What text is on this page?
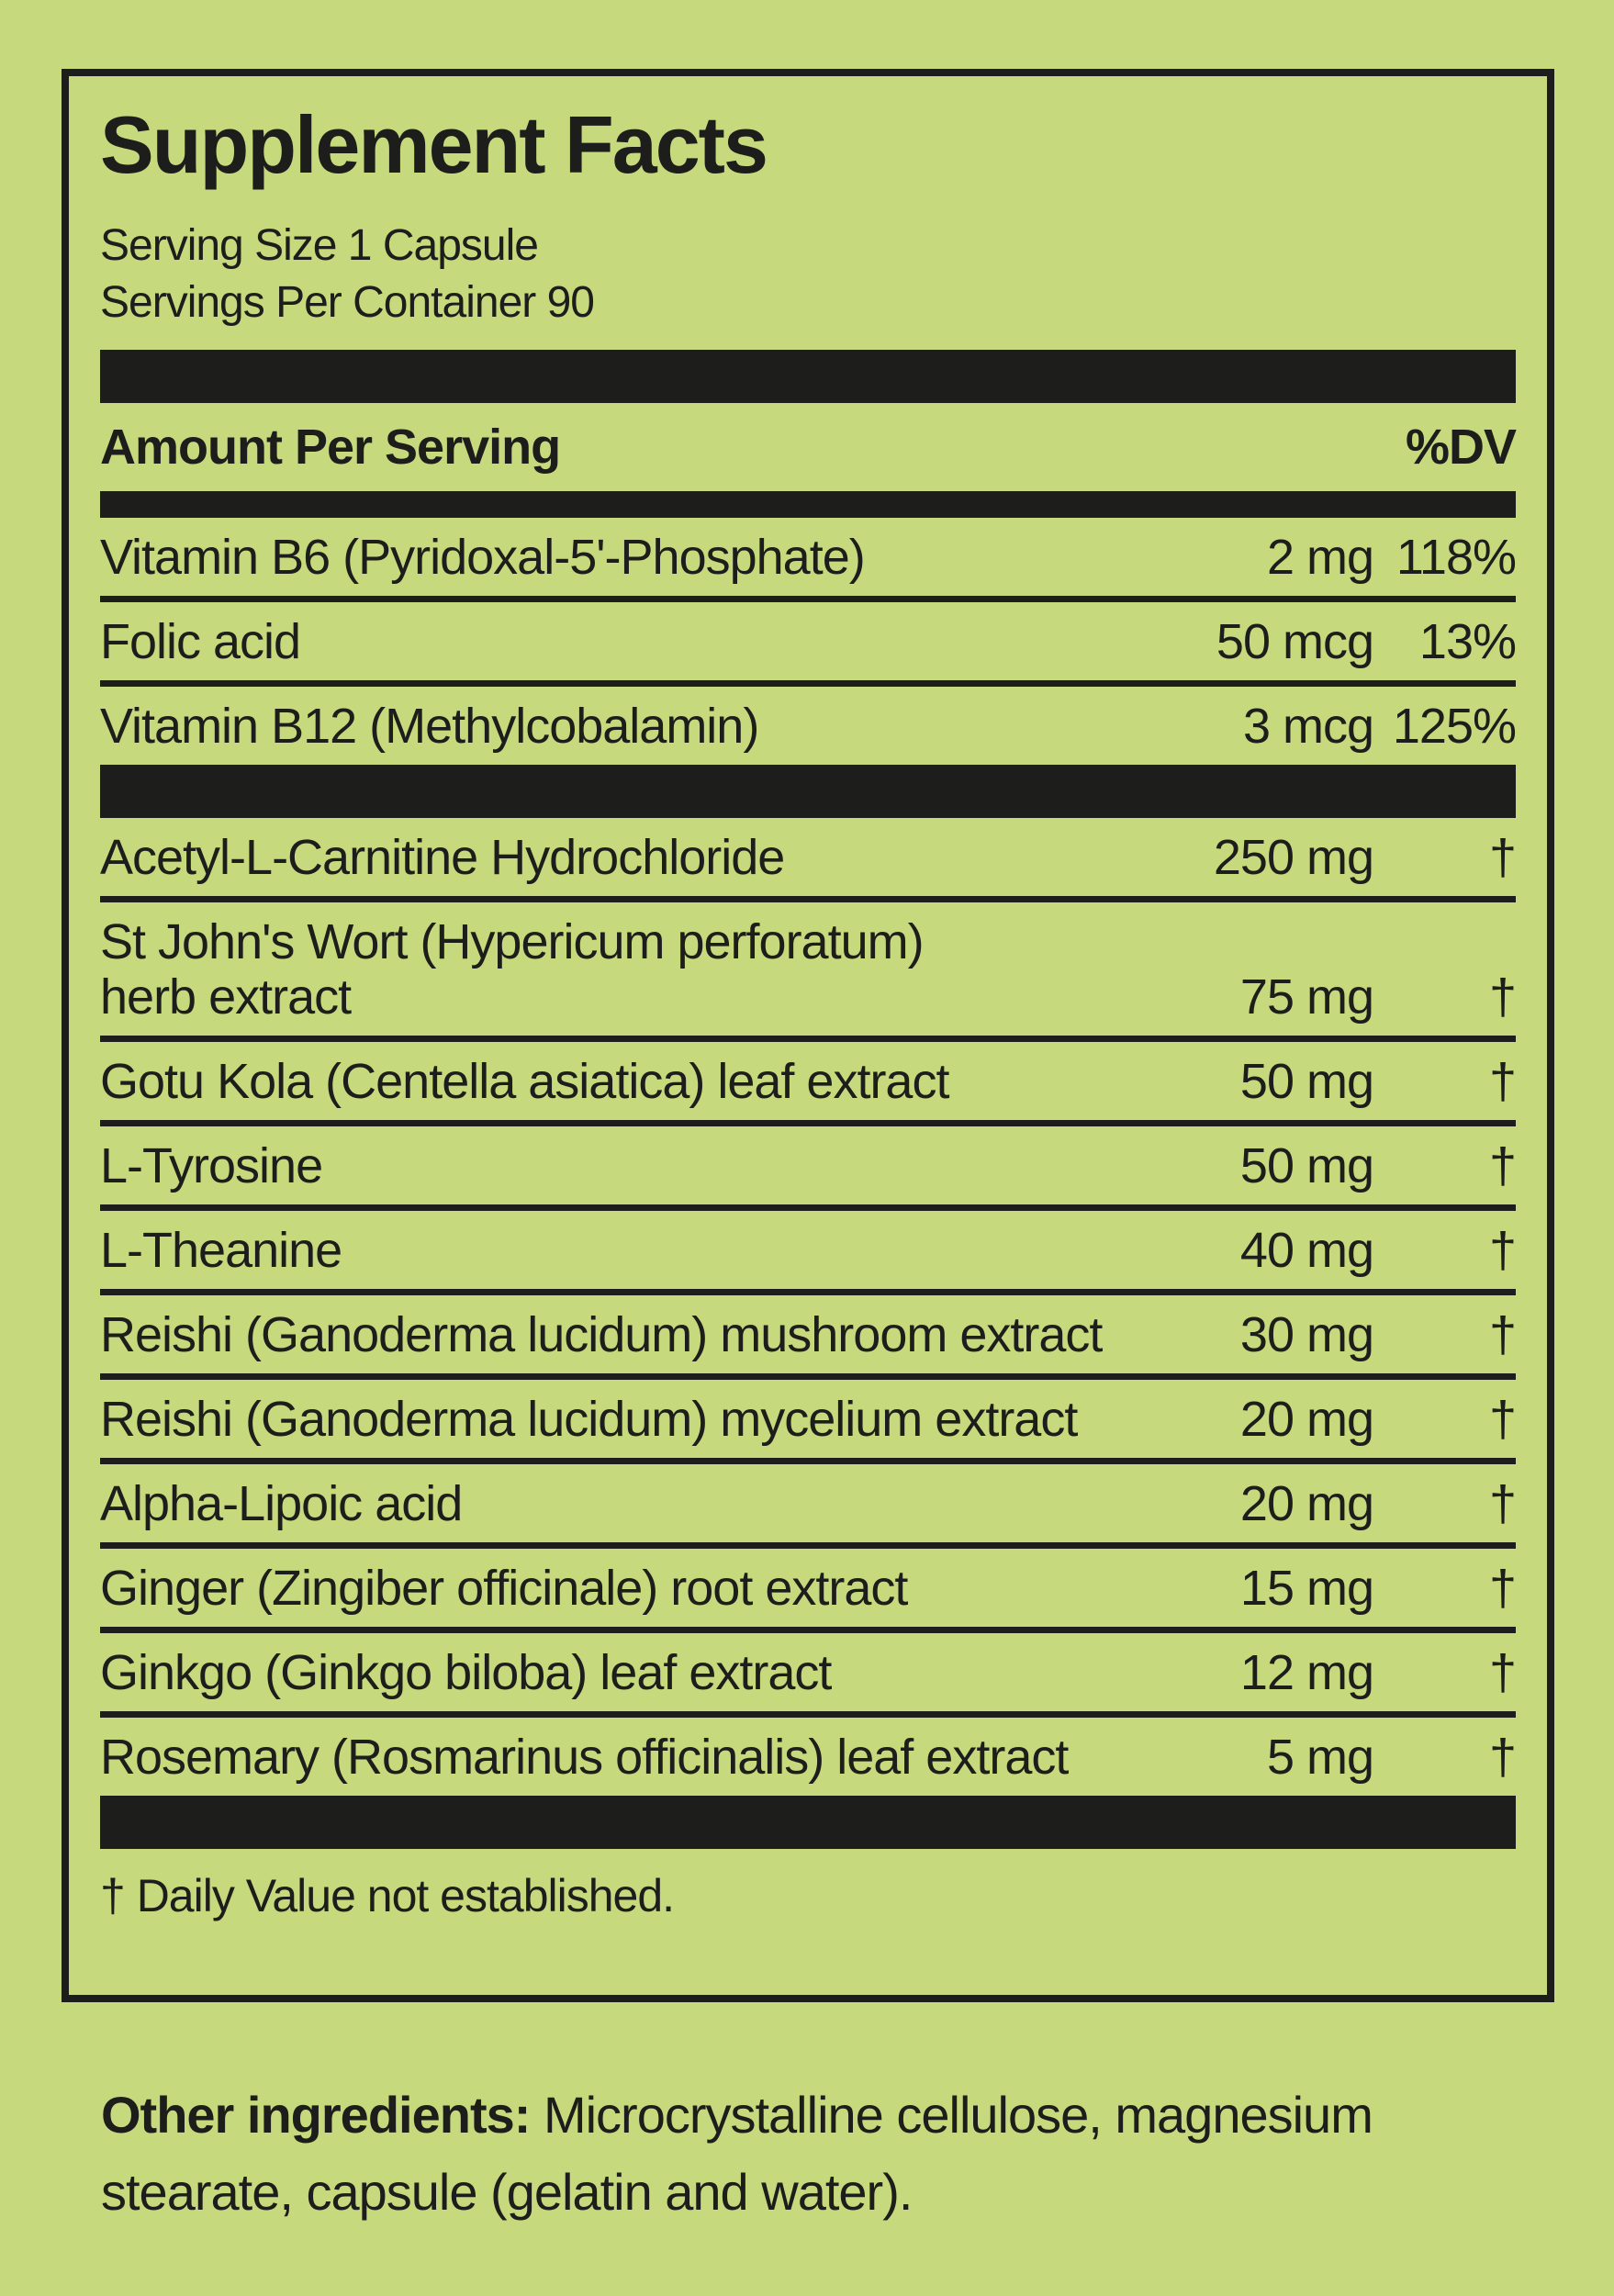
Supplement Facts
Serving Size 1 Capsule
Servings Per Container 90
Amount Per Serving	%DV
Vitamin B6 (Pyridoxal-5'-Phosphate)	2 mg 118%
Folic acid	50 mcg 13%
Vitamin B12 (Methylcobalamin)	3 mcg 125%
Acetyl-L-Carnitine Hydrochloride	250 mg	†
St John's Wort (Hypericum perforatum)
herb extract	75 mg	†
Gotu Kola (Centella asiatica) leaf extract	50 mg	†
L-Tyrosine	50 mg	†
L-Theanine	40 mg	†
Reishi (Ganoderma lucidum) mushroom extract	30 mg	†
Reishi (Ganoderma lucidum) mycelium extract	20 mg	†
Alpha-Lipoic acid	20 mg	†
Ginger (Zingiber officinale) root extract	15 mg	†
Ginkgo (Ginkgo biloba) leaf extract	12 mg	†
Rosemary (Rosmarinus officinalis) leaf extract	5 mg	†
† Daily Value not established.
Other ingredients: Microcrystalline cellulose, magnesium stearate, capsule (gelatin and water).
